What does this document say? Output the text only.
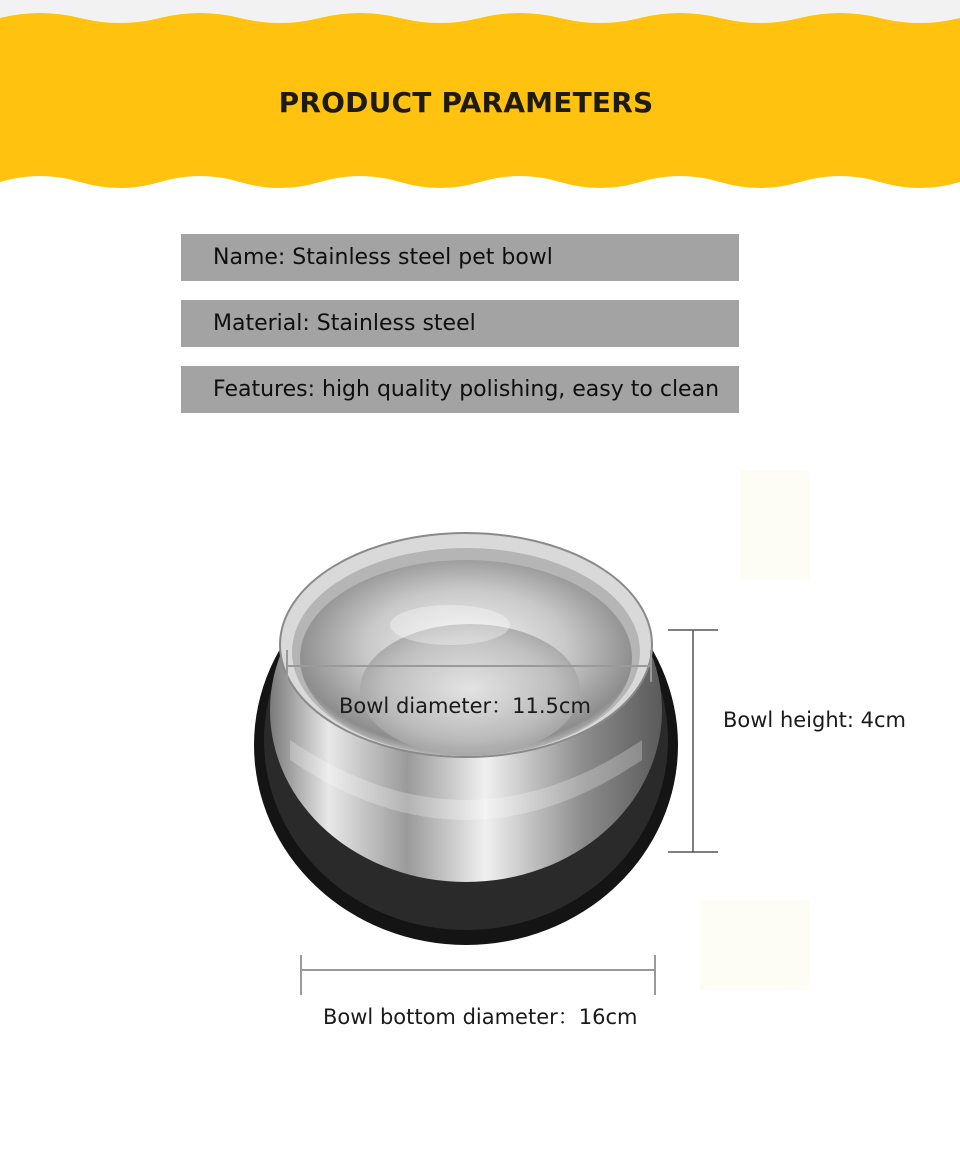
PRODUCT PARAMETERS
Name: Stainless steel pet bowl
Material: Stainless steel
Features: high quality polishing, easy to clean
Bowl diameter：11.5cm
Bowl height: 4cm
Bowl bottom diameter：16cm
